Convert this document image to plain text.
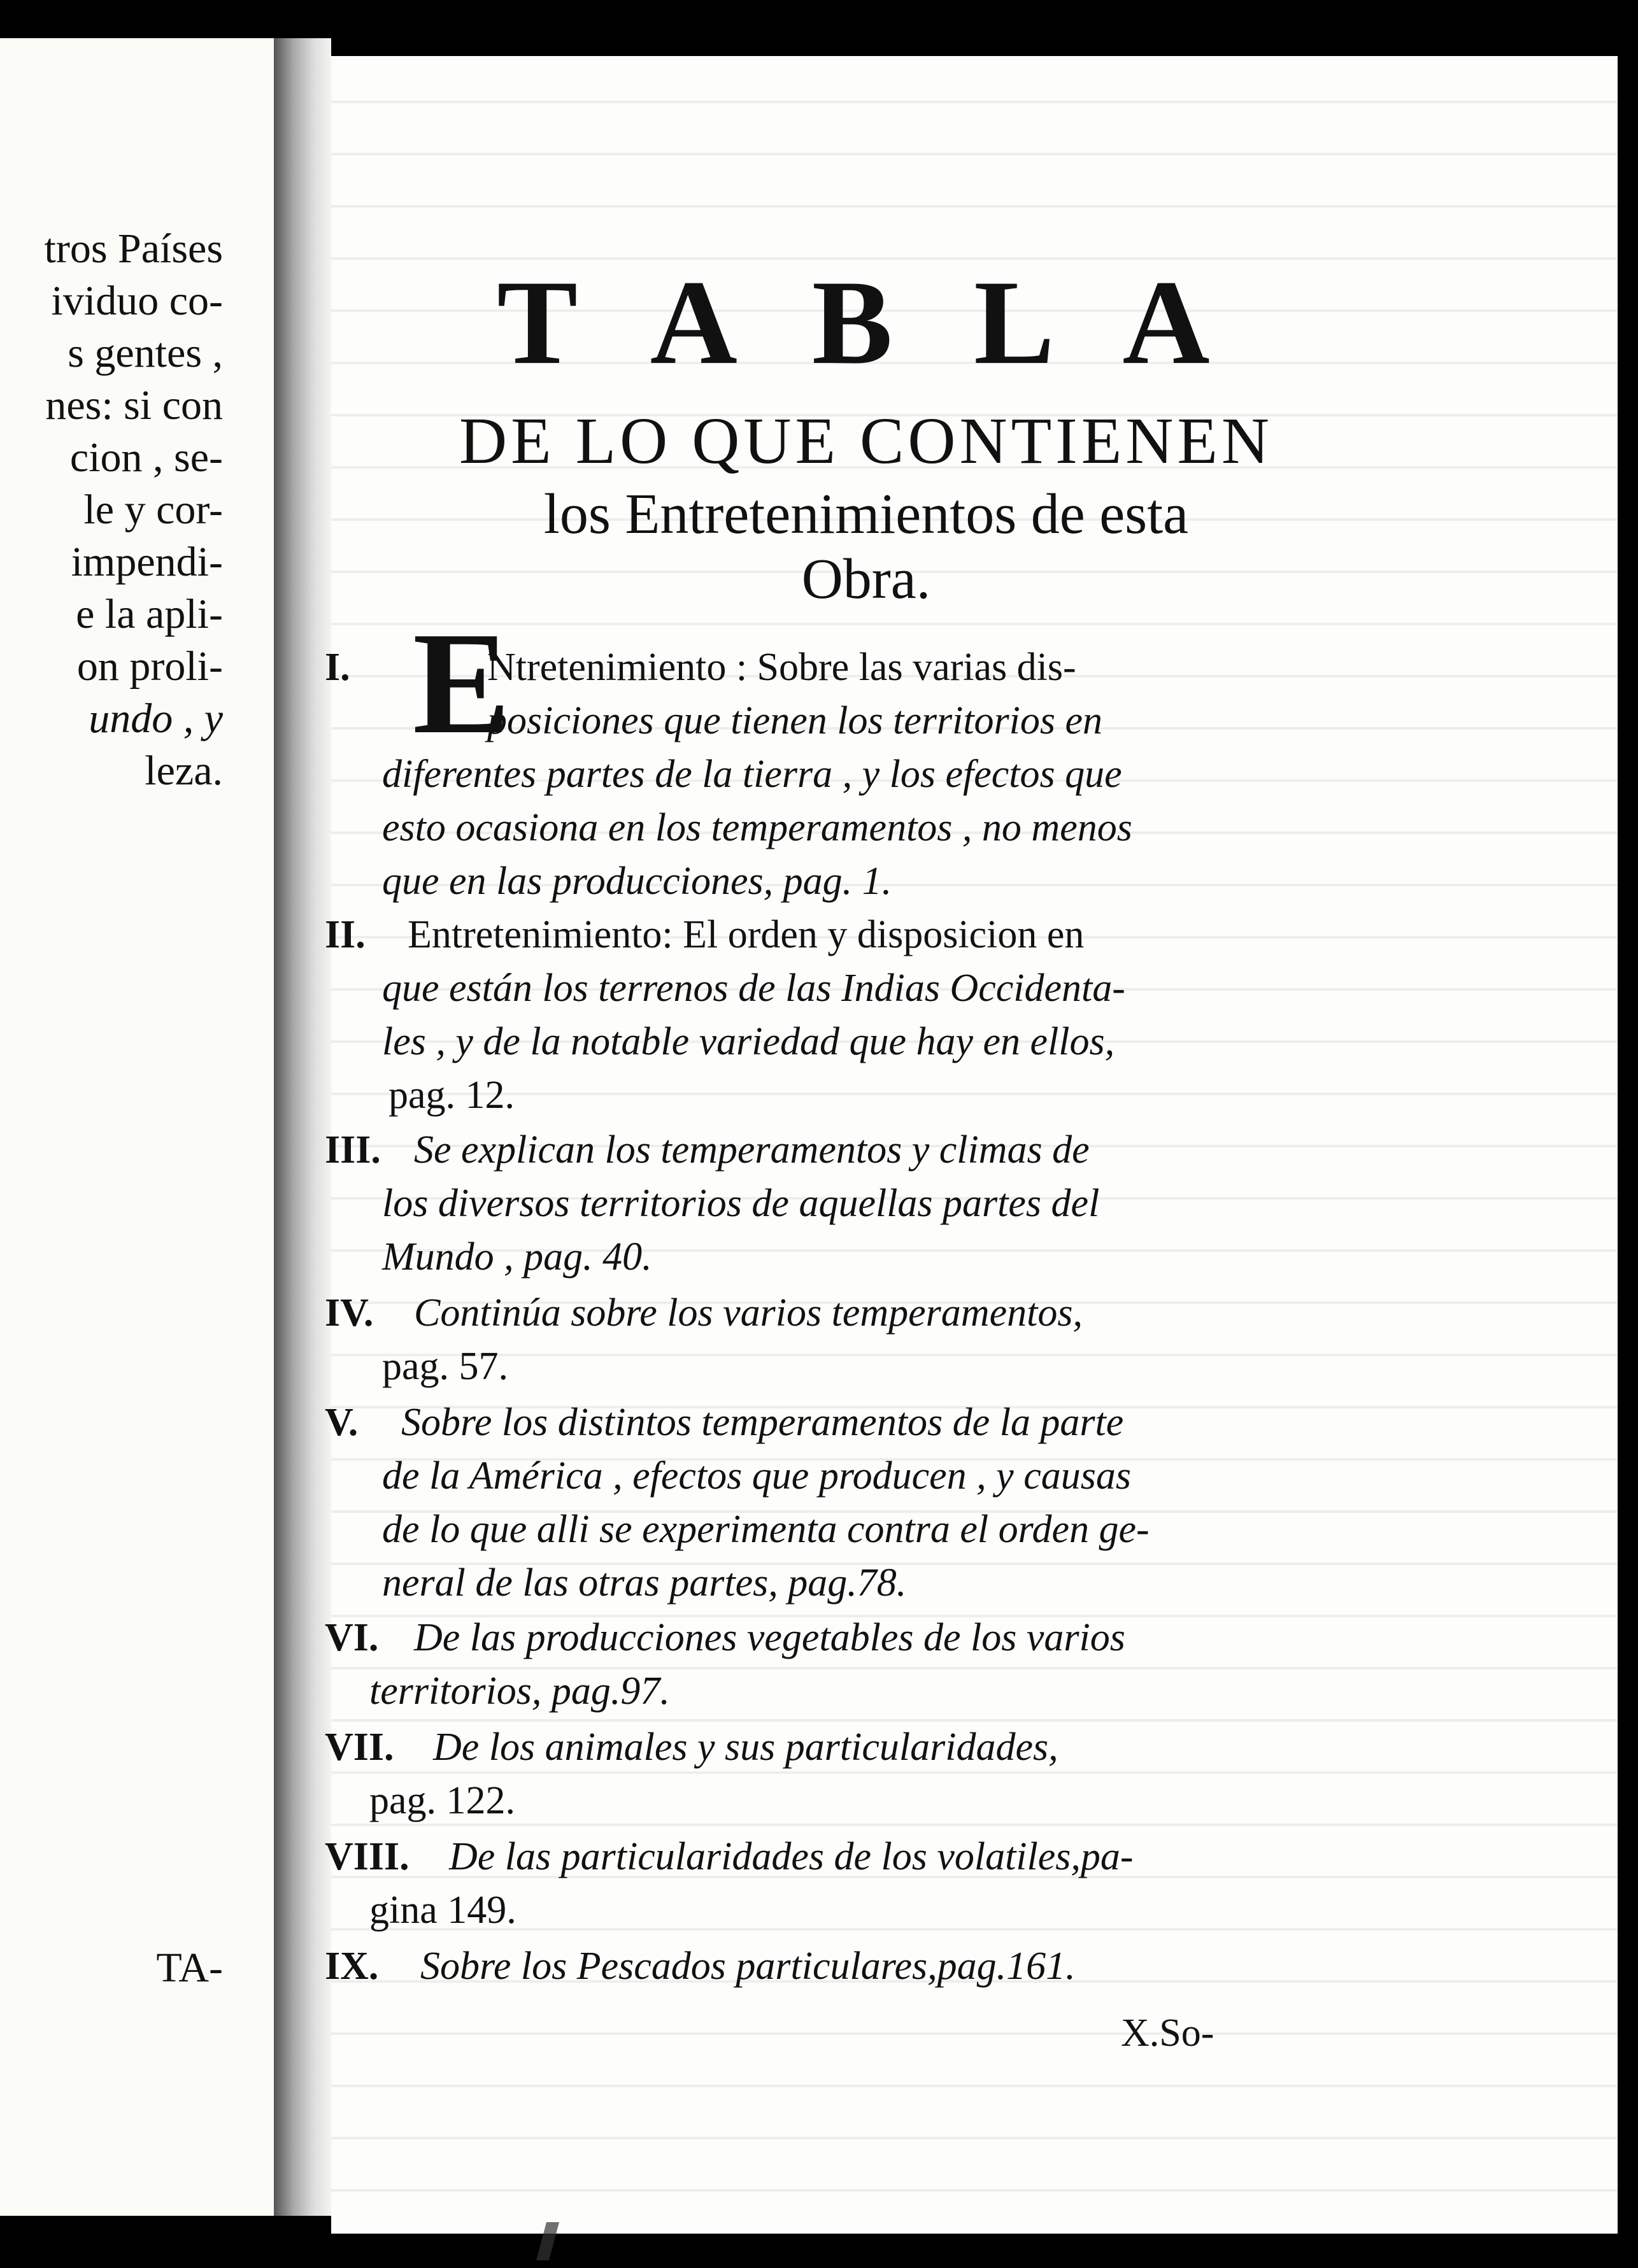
tros Países
ividuo co-
s gentes ,
nes: si con
cion , se-
le y cor-
impendi-
e la apli-
on proli-
undo , y
leza.
TA-
T A B L A
DE LO QUE CONTIENEN
los Entretenimientos de esta
Obra.
I. E
Ntretenimiento : Sobre las varias dis-
posiciones que tienen los territorios en
diferentes partes de la tierra , y los efectos que
esto ocasiona en los temperamentos , no menos
que en las producciones, pag. 1.
II. Entretenimiento: El orden y disposicion en
que están los terrenos de las Indias Occidenta-
les , y de la notable variedad que hay en ellos,
pag. 12.
III. Se explican los temperamentos y climas de
los diversos territorios de aquellas partes del
Mundo , pag. 40.
IV. Continúa sobre los varios temperamentos,
pag. 57.
V. Sobre los distintos temperamentos de la parte
de la América , efectos que producen , y causas
de lo que alli se experimenta contra el orden ge-
neral de las otras partes, pag.78.
VI. De las producciones vegetables de los varios
territorios, pag.97.
VII. De los animales y sus particularidades,
pag. 122.
VIII. De las particularidades de los volatiles,pa-
gina 149.
IX. Sobre los Pescados particulares,pag.161.
X.So-
